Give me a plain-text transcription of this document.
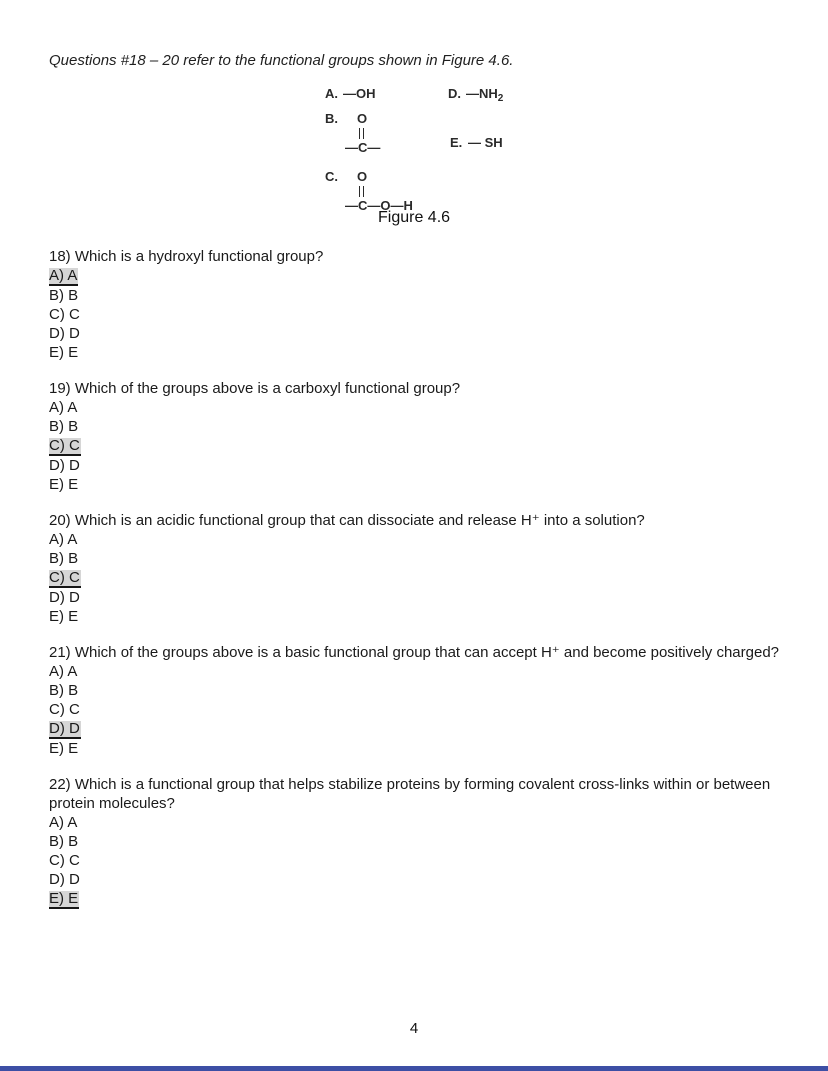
Questions #18 – 20 refer to the functional groups shown in Figure 4.6.
A. —OH	D. $—NH_2$
B. O
—C—	E. — SH
C. O
—C—O—H
Figure 4.6
18) Which is a hydroxyl functional group?
A) A
B) B
C) C
D) D
E) E
19) Which of the groups above is a carboxyl functional group?
A) A
B) B
C) C
D) D
E) E
20) Which is an acidic functional group that can dissociate and release H⁺ into a solution?
A) A
B) B
C) C
D) D
E) E
21) Which of the groups above is a basic functional group that can accept H⁺ and become positively charged?
A) A
B) B
C) C
D) D
E) E
22) Which is a functional group that helps stabilize proteins by forming covalent cross-links within or between protein molecules?
A) A
B) B
C) C
D) D
E) E
4
